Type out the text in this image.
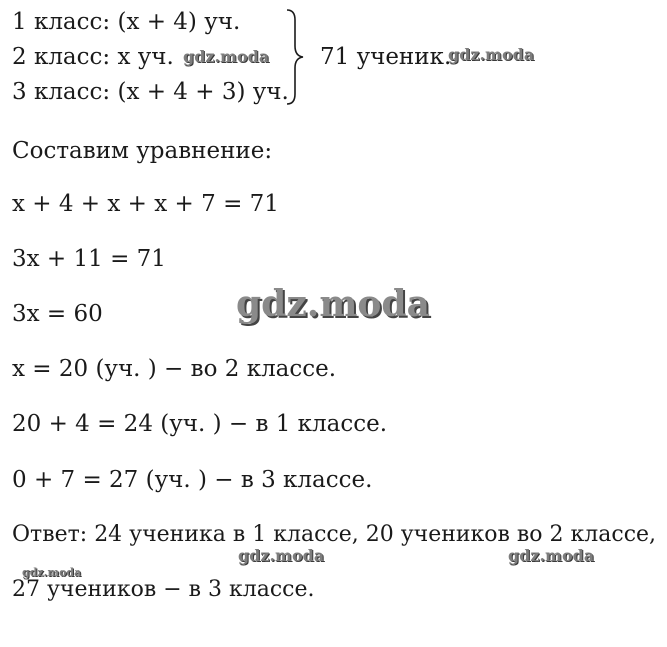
1 класс: (x + 4) уч.
2 класс: x уч.
3 класс: (x + 4 + 3) уч.
71 ученик.
Составим уравнение:
x + 4 + x + x + 7 = 71
3x + 11 = 71
3x = 60
x = 20 (уч. ) − во 2 классе.
20 + 4 = 24 (уч. ) − в 1 классе.
0 + 7 = 27 (уч. ) − в 3 классе.
Ответ: 24 ученика в 1 классе, 20 учеников во 2 классе,
27 учеников − в 3 классе.
gdz.moda	gdz.moda
gdz.moda
gdz.moda	gdz.moda
gdz.moda
